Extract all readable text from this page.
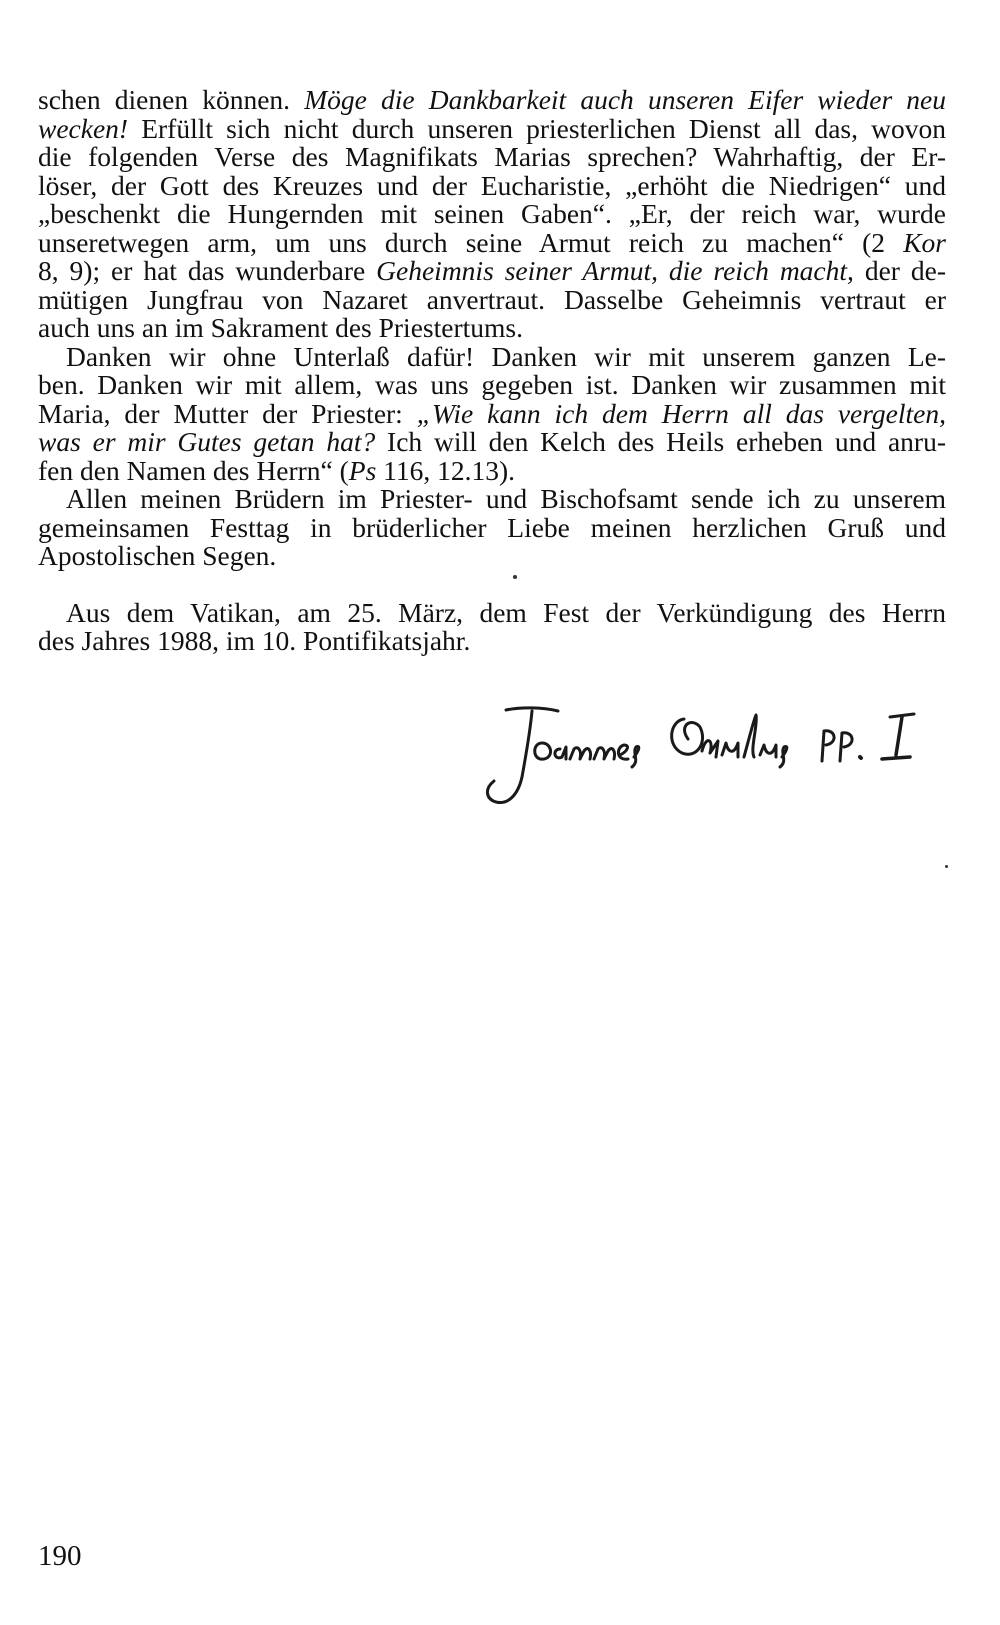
schen dienen können. Möge die Dankbarkeit auch unseren Eifer wieder neu
wecken! Erfüllt sich nicht durch unseren priesterlichen Dienst all das, wovon
die folgenden Verse des Magnifikats Marias sprechen? Wahrhaftig, der Er-
löser, der Gott des Kreuzes und der Eucharistie, „erhöht die Niedrigen“ und
„beschenkt die Hungernden mit seinen Gaben“. „Er, der reich war, wurde
unseretwegen arm, um uns durch seine Armut reich zu machen“ (2 Kor
8, 9); er hat das wunderbare Geheimnis seiner Armut, die reich macht, der de-
mütigen Jungfrau von Nazaret anvertraut. Dasselbe Geheimnis vertraut er
auch uns an im Sakrament des Priestertums.
Danken wir ohne Unterlaß dafür! Danken wir mit unserem ganzen Le-
ben. Danken wir mit allem, was uns gegeben ist. Danken wir zusammen mit
Maria, der Mutter der Priester: „Wie kann ich dem Herrn all das vergelten,
was er mir Gutes getan hat? Ich will den Kelch des Heils erheben und anru-
fen den Namen des Herrn“ (Ps 116, 12.13).
Allen meinen Brüdern im Priester- und Bischofsamt sende ich zu unserem
gemeinsamen Festtag in brüderlicher Liebe meinen herzlichen Gruß und
Apostolischen Segen.
Aus dem Vatikan, am 25. März, dem Fest der Verkündigung des Herrn
des Jahres 1988, im 10. Pontifikatsjahr.
190
